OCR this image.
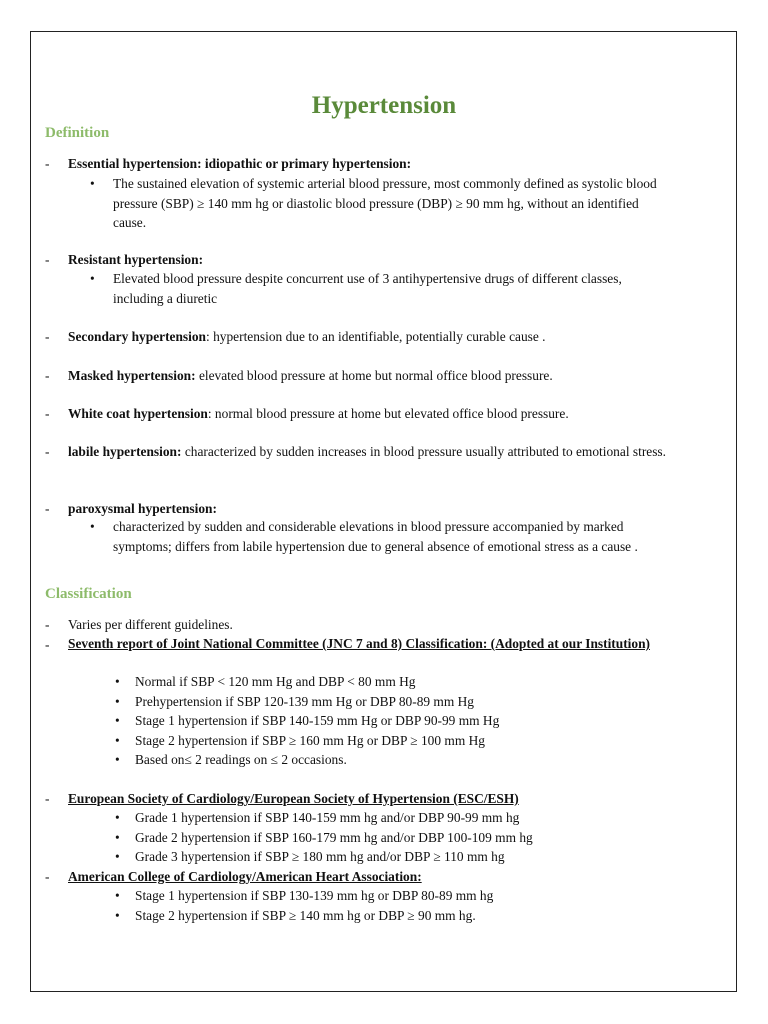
Hypertension
Definition
- Essential hypertension: idiopathic or primary hypertension:
• The sustained elevation of systemic arterial blood pressure, most commonly defined as systolic blood pressure (SBP) ≥ 140 mm hg or diastolic blood pressure (DBP) ≥ 90 mm hg, without an identified cause.
- Resistant hypertension:
• Elevated blood pressure despite concurrent use of 3 antihypertensive drugs of different classes, including a diuretic
- Secondary hypertension: hypertension due to an identifiable, potentially curable cause .
- Masked hypertension: elevated blood pressure at home but normal office blood pressure.
- White coat hypertension: normal blood pressure at home but elevated office blood pressure.
- labile hypertension: characterized by sudden increases in blood pressure usually attributed to emotional stress.
- paroxysmal hypertension:
• characterized by sudden and considerable elevations in blood pressure accompanied by marked symptoms; differs from labile hypertension due to general absence of emotional stress as a cause .
Classification
- Varies per different guidelines.
- Seventh report of Joint National Committee (JNC 7 and 8) Classification: (Adopted at our Institution)
• Normal if SBP < 120 mm Hg and DBP < 80 mm Hg
• Prehypertension if SBP 120-139 mm Hg or DBP 80-89 mm Hg
• Stage 1 hypertension if SBP 140-159 mm Hg or DBP 90-99 mm Hg
• Stage 2 hypertension if SBP ≥ 160 mm Hg or DBP ≥ 100 mm Hg
• Based on≤ 2 readings on ≤ 2 occasions.
- European Society of Cardiology/European Society of Hypertension (ESC/ESH)
• Grade 1 hypertension if SBP 140-159 mm hg and/or DBP 90-99 mm hg
• Grade 2 hypertension if SBP 160-179 mm hg and/or DBP 100-109 mm hg
• Grade 3 hypertension if SBP ≥ 180 mm hg and/or DBP ≥ 110 mm hg
- American College of Cardiology/American Heart Association:
• Stage 1 hypertension if SBP 130-139 mm hg or DBP 80-89 mm hg
• Stage 2 hypertension if SBP ≥ 140 mm hg or DBP ≥ 90 mm hg.
